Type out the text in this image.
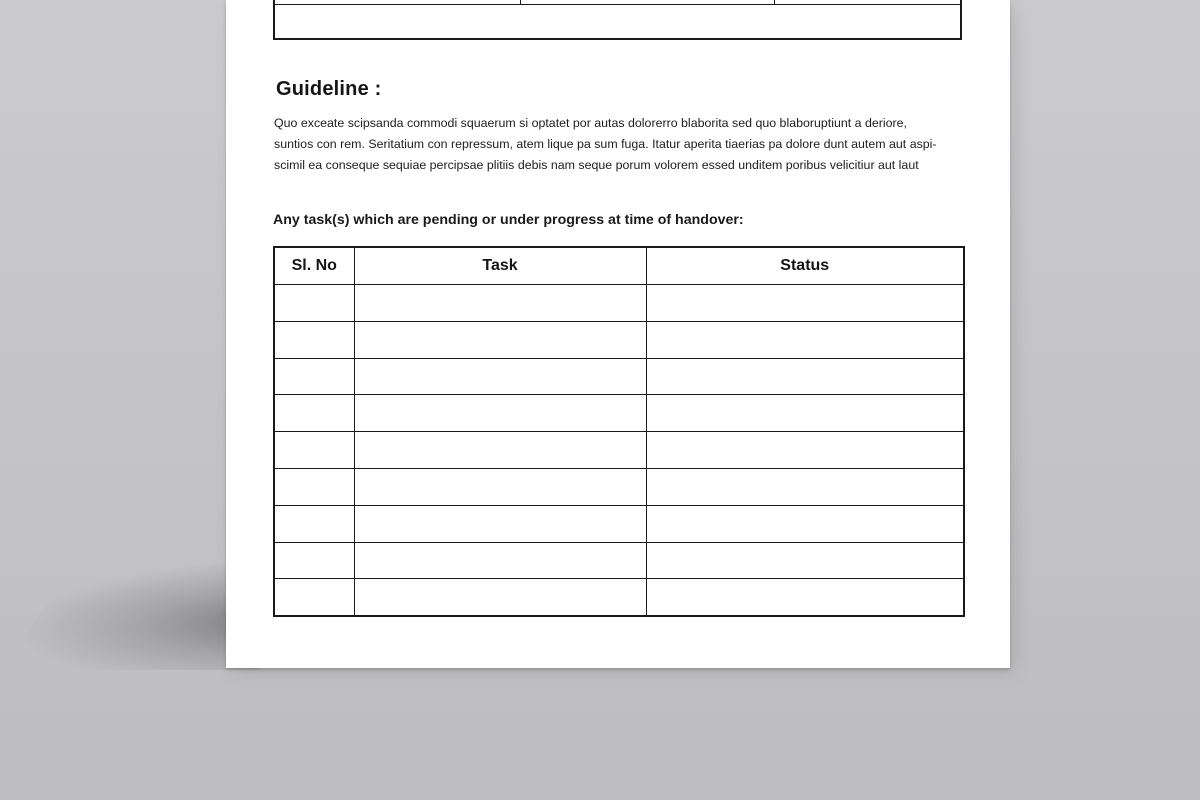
Guideline :

Quo exceate scipsanda commodi squaerum si optatet por autas dolorerro blaborita sed quo blaboruptiunt a deriore,
suntios con rem. Seritatium con repressum, atem lique pa sum fuga. Itatur aperita tiaerias pa dolore dunt autem aut aspi-
scimil ea conseque sequiae percipsae plitiis debis nam seque porum volorem essed unditem poribus velicitiur aut laut

Any task(s) which are pending or under progress at time of handover:

Sl. No	Task	Status
